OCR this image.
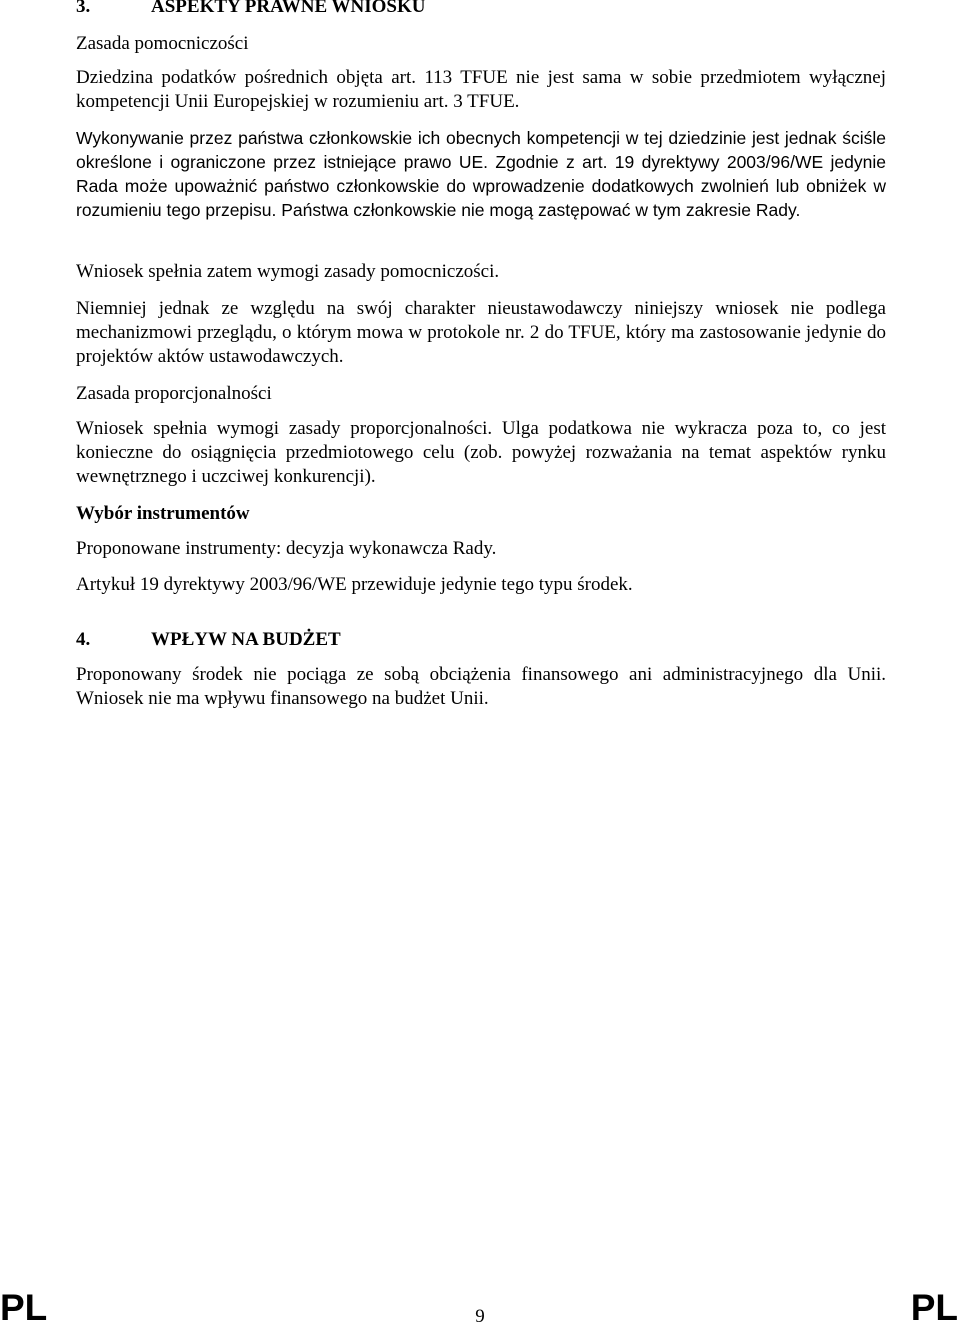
3.	ASPEKTY PRAWNE WNIOSKU
Zasada pomocniczości

Dziedzina podatków pośrednich objęta art. 113 TFUE nie jest sama w sobie przedmiotem wyłącznej kompetencji Unii Europejskiej w rozumieniu art. 3 TFUE.

Wykonywanie przez państwa członkowskie ich obecnych kompetencji w tej dziedzinie jest jednak ściśle określone i ograniczone przez istniejące prawo UE. Zgodnie z art. 19 dyrektywy 2003/96/WE jedynie Rada może upoważnić państwo członkowskie do wprowadzenie dodatkowych zwolnień lub obniżek w rozumieniu tego przepisu. Państwa członkowskie nie mogą zastępować w tym zakresie Rady.

Wniosek spełnia zatem wymogi zasady pomocniczości.

Niemniej jednak ze względu na swój charakter nieustawodawczy niniejszy wniosek nie podlega mechanizmowi przeglądu, o którym mowa w protokole nr. 2 do TFUE, który ma zastosowanie jedynie do projektów aktów ustawodawczych.

Zasada proporcjonalności

Wniosek spełnia wymogi zasady proporcjonalności. Ulga podatkowa nie wykracza poza to, co jest konieczne do osiągnięcia przedmiotowego celu (zob. powyżej rozważania na temat aspektów rynku wewnętrznego i uczciwej konkurencji).

Wybór instrumentów

Proponowane instrumenty: decyzja wykonawcza Rady.

Artykuł 19 dyrektywy 2003/96/WE przewiduje jedynie tego typu środek.

4.	WPŁYW NA BUDŻET

Proponowany środek nie pociąga ze sobą obciążenia finansowego ani administracyjnego dla Unii. Wniosek nie ma wpływu finansowego na budżet Unii.

PL	9	PL
